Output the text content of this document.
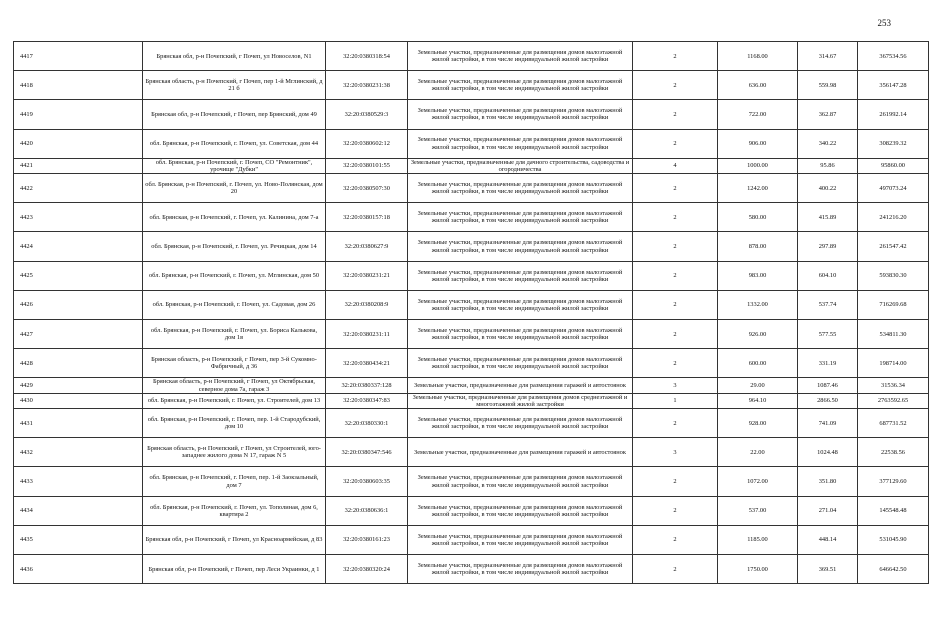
253
4417	Брянская обл, р-н Почепский, г Почеп, ул Новоселов, N1	32:20:0380318:54	Земельные участки, предназначенные для размещения домов малоэтажной жилой застройки, в том числе индивидуальной жилой застройки	2	1168.00	314.67	367534.56
4418	Брянская область, р-н Почепский, г Почеп, пер 1-й Мглинский, д 21 б	32:20:0380231:38	Земельные участки, предназначенные для размещения домов малоэтажной жилой застройки, в том числе индивидуальной жилой застройки	2	636.00	559.98	356147.28
4419	Брянская обл, р-н Почепский, г Почеп, пер Брянский, дом 49	32:20:0380529:3	Земельные участки, предназначенные для размещения домов малоэтажной жилой застройки, в том числе индивидуальной жилой застройки	2	722.00	362.87	261992.14
4420	обл. Брянская, р-н Почепский, г. Почеп, ул. Советская, дом 44	32:20:0380602:12	Земельные участки, предназначенные для размещения домов малоэтажной жилой застройки, в том числе индивидуальной жилой застройки	2	906.00	340.22	308239.32
4421	обл. Брянская, р-н Почепский, г. Почеп, СО "Ремонтник", урочище "Дубки"	32:20:0380101:55	Земельные участки, предназначенные для дачного строительства, садоводства и огородничества	4	1000.00	95.86	95860.00
4422	обл. Брянская, р-н Почепский, г. Почеп, ул. Ново-Полянская, дом 20	32:20:0380507:30	Земельные участки, предназначенные для размещения домов малоэтажной жилой застройки, в том числе индивидуальной жилой застройки	2	1242.00	400.22	497073.24
4423	обл. Брянская, р-н Почепский, г. Почеп, ул. Калинина, дом 7-а	32:20:0380157:18	Земельные участки, предназначенные для размещения домов малоэтажной жилой застройки, в том числе индивидуальной жилой застройки	2	580.00	415.89	241216.20
4424	обл. Брянская, р-н Почепский, г. Почеп, ул. Речицкая, дом 14	32:20:0380627:9	Земельные участки, предназначенные для размещения домов малоэтажной жилой застройки, в том числе индивидуальной жилой застройки	2	878.00	297.89	261547.42
4425	обл. Брянская, р-н Почепский, г. Почеп, ул. Мглинская, дом 50	32:20:0380231:21	Земельные участки, предназначенные для размещения домов малоэтажной жилой застройки, в том числе индивидуальной жилой застройки	2	983.00	604.10	593830.30
4426	обл. Брянская, р-н Почепский, г. Почеп, ул. Садовая, дом 26	32:20:0380208:9	Земельные участки, предназначенные для размещения домов малоэтажной жилой застройки, в том числе индивидуальной жилой застройки	2	1332.00	537.74	716269.68
4427	обл. Брянская, р-н Почепский, г. Почеп, ул. Бориса Калькова, дом 1в	32:20:0380231:11	Земельные участки, предназначенные для размещения домов малоэтажной жилой застройки, в том числе индивидуальной жилой застройки	2	926.00	577.55	534811.30
4428	Брянская область, р-н Почепский, г Почеп, пер 3-й Сукомно-Фабричный, д 36	32:20:0380434:21	Земельные участки, предназначенные для размещения домов малоэтажной жилой застройки, в том числе индивидуальной жилой застройки	2	600.00	331.19	198714.00
4429	Брянская область, р-н Почепский, г Почеп, ул Октябрьская, северное дома 7а, гараж 3	32:20:0380337:128	Земельные участки, предназначенные для размещения гаражей и автостоянок	3	29.00	1087.46	31536.34
4430	обл. Брянская, р-н Почепский, г. Почеп, ул. Строителей, дом 13	32:20:0380347:83	Земельные участки, предназначенные для размещения домов среднеэтажной и многоэтажной жилой застройки	1	964.10	2866.50	2763592.65
4431	обл. Брянская, р-н Почепский, г. Почеп, пер. 1-й Стародубский, дом 10	32:20:0380330:1	Земельные участки, предназначенные для размещения домов малоэтажной жилой застройки, в том числе индивидуальной жилой застройки	2	928.00	741.09	687731.52
4432	Брянская область, р-н Почепский, г Почеп, ул Строителей, юго-западнее жилого дома N 17, гараж N 5	32:20:0380347:546	Земельные участки, предназначенные для размещения гаражей и автостоянок	3	22.00	1024.48	22538.56
4433	обл. Брянская, р-н Почепский, г. Почеп, пер. 1-й Заокзальный, дом 7	32:20:0380603:35	Земельные участки, предназначенные для размещения домов малоэтажной жилой застройки, в том числе индивидуальной жилой застройки	2	1072.00	351.80	377129.60
4434	обл. Брянская, р-н Почепский, г. Почеп, ул. Тополиная, дом 6, квартира 2	32:20:0380636:1	Земельные участки, предназначенные для размещения домов малоэтажной жилой застройки, в том числе индивидуальной жилой застройки	2	537.00	271.04	145548.48
4435	Брянская обл, р-н Почепский, г Почеп, ул Красноармейская, д 83	32:20:0380161:23	Земельные участки, предназначенные для размещения домов малоэтажной жилой застройки, в том числе индивидуальной жилой застройки	2	1185.00	448.14	531045.90
4436	Брянская обл, р-н Почепский, г Почеп, пер Леси Украинки, д 1	32:20:0380320:24	Земельные участки, предназначенные для размещения домов малоэтажной жилой застройки, в том числе индивидуальной жилой застройки	2	1750.00	369.51	646642.50
